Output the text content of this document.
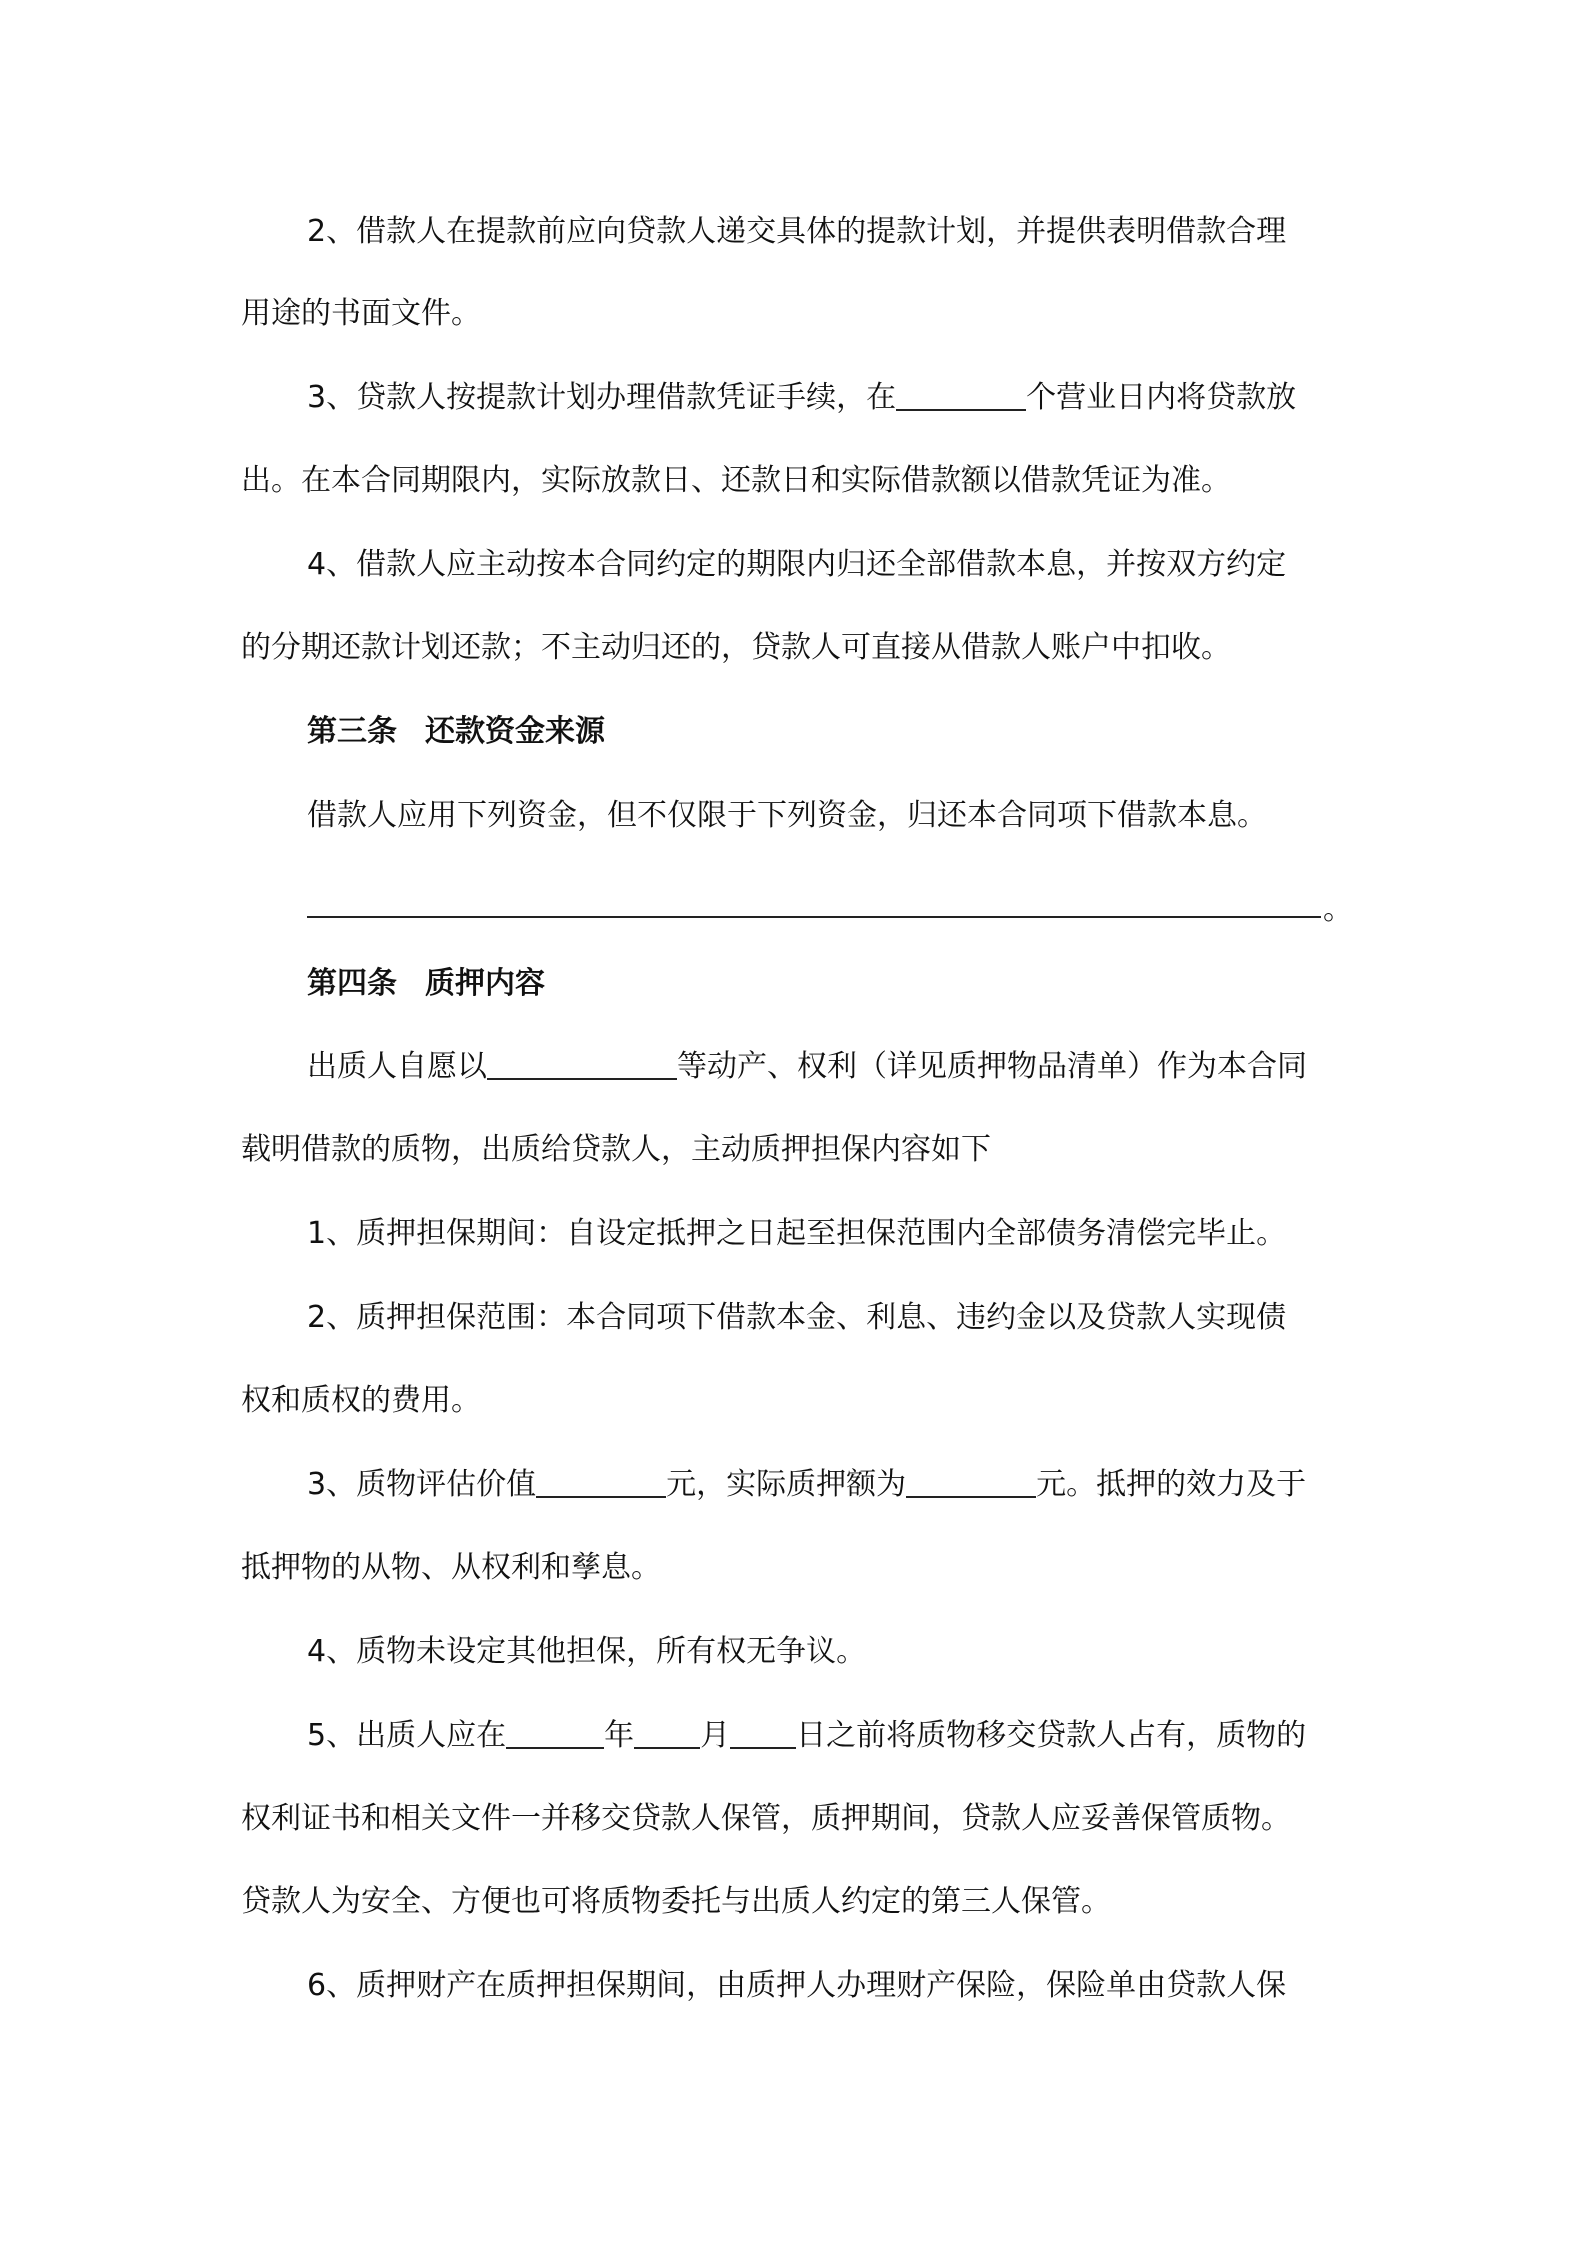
2、借款人在提款前应向贷款人递交具体的提款计划，并提供表明借款合理
用途的书面文件。
3、贷款人按提款计划办理借款凭证手续，在	个营业日内将贷款放
出。在本合同期限内，实际放款日、还款日和实际借款额以借款凭证为准。
4、借款人应主动按本合同约定的期限内归还全部借款本息，并按双方约定
的分期还款计划还款；不主动归还的，贷款人可直接从借款人账户中扣收。
第三条 还款资金来源
借款人应用下列资金，但不仅限于下列资金，归还本合同项下借款本息。
。
第四条 质押内容
出质人自愿以	等动产、权利（详见质押物品清单）作为本合同
载明借款的质物，出质给贷款人，主动质押担保内容如下
1、质押担保期间：自设定抵押之日起至担保范围内全部债务清偿完毕止。
2、质押担保范围：本合同项下借款本金、利息、违约金以及贷款人实现债
权和质权的费用。
3、质物评估价值	元，实际质押额为	元。抵押的效力及于
抵押物的从物、从权利和孳息。
4、质物未设定其他担保，所有权无争议。
5、出质人应在	年 月 日之前将质物移交贷款人占有，质物的
权利证书和相关文件一并移交贷款人保管，质押期间，贷款人应妥善保管质物。
贷款人为安全、方便也可将质物委托与出质人约定的第三人保管。
6、质押财产在质押担保期间，由质押人办理财产保险，保险单由贷款人保
